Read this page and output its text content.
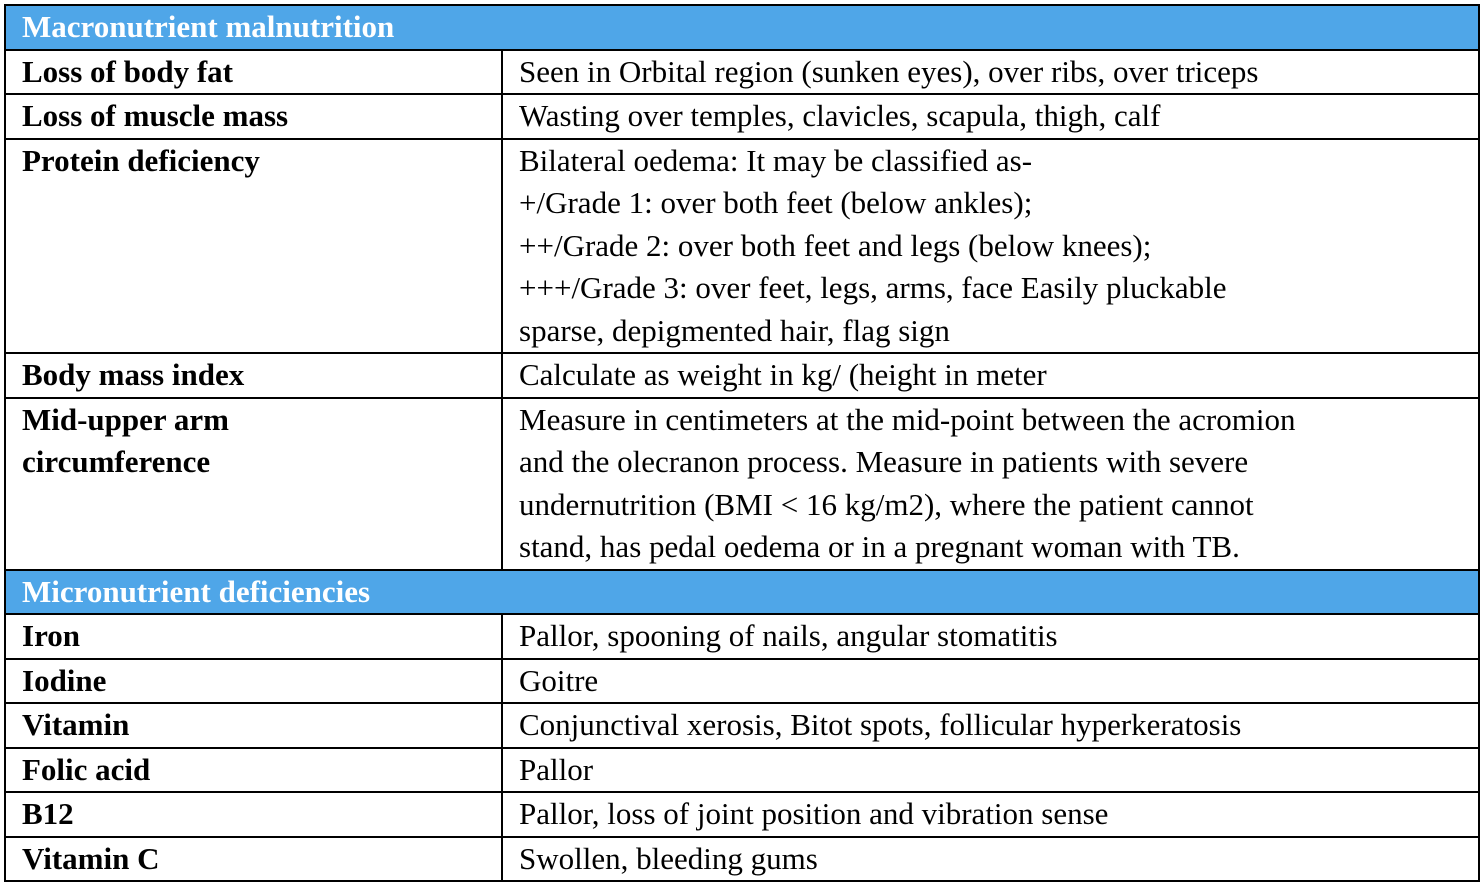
Macronutrient malnutrition	

Loss of body fat	Seen in Orbital region (sunken eyes), over ribs, over triceps

Loss of muscle mass	Wasting over temples, clavicles, scapula, thigh, calf

Protein deficiency	Bilateral oedema: It may be classified as-
+/Grade 1: over both feet (below ankles);
++/Grade 2: over both feet and legs (below knees);
+++/Grade 3: over feet, legs, arms, face Easily pluckable
sparse, depigmented hair, flag sign

Body mass index	Calculate as weight in kg/ (height in meter

Mid-upper arm
circumference	Measure in centimeters at the mid-point between the acromion
and the olecranon process. Measure in patients with severe
undernutrition (BMI < 16 kg/m2), where the patient cannot
stand, has pedal oedema or in a pregnant woman with TB.

Micronutrient deficiencies	

Iron	Pallor, spooning of nails, angular stomatitis

Iodine	Goitre

Vitamin	Conjunctival xerosis, Bitot spots, follicular hyperkeratosis

Folic acid	Pallor

B12	Pallor, loss of joint position and vibration sense

Vitamin C	Swollen, bleeding gums
